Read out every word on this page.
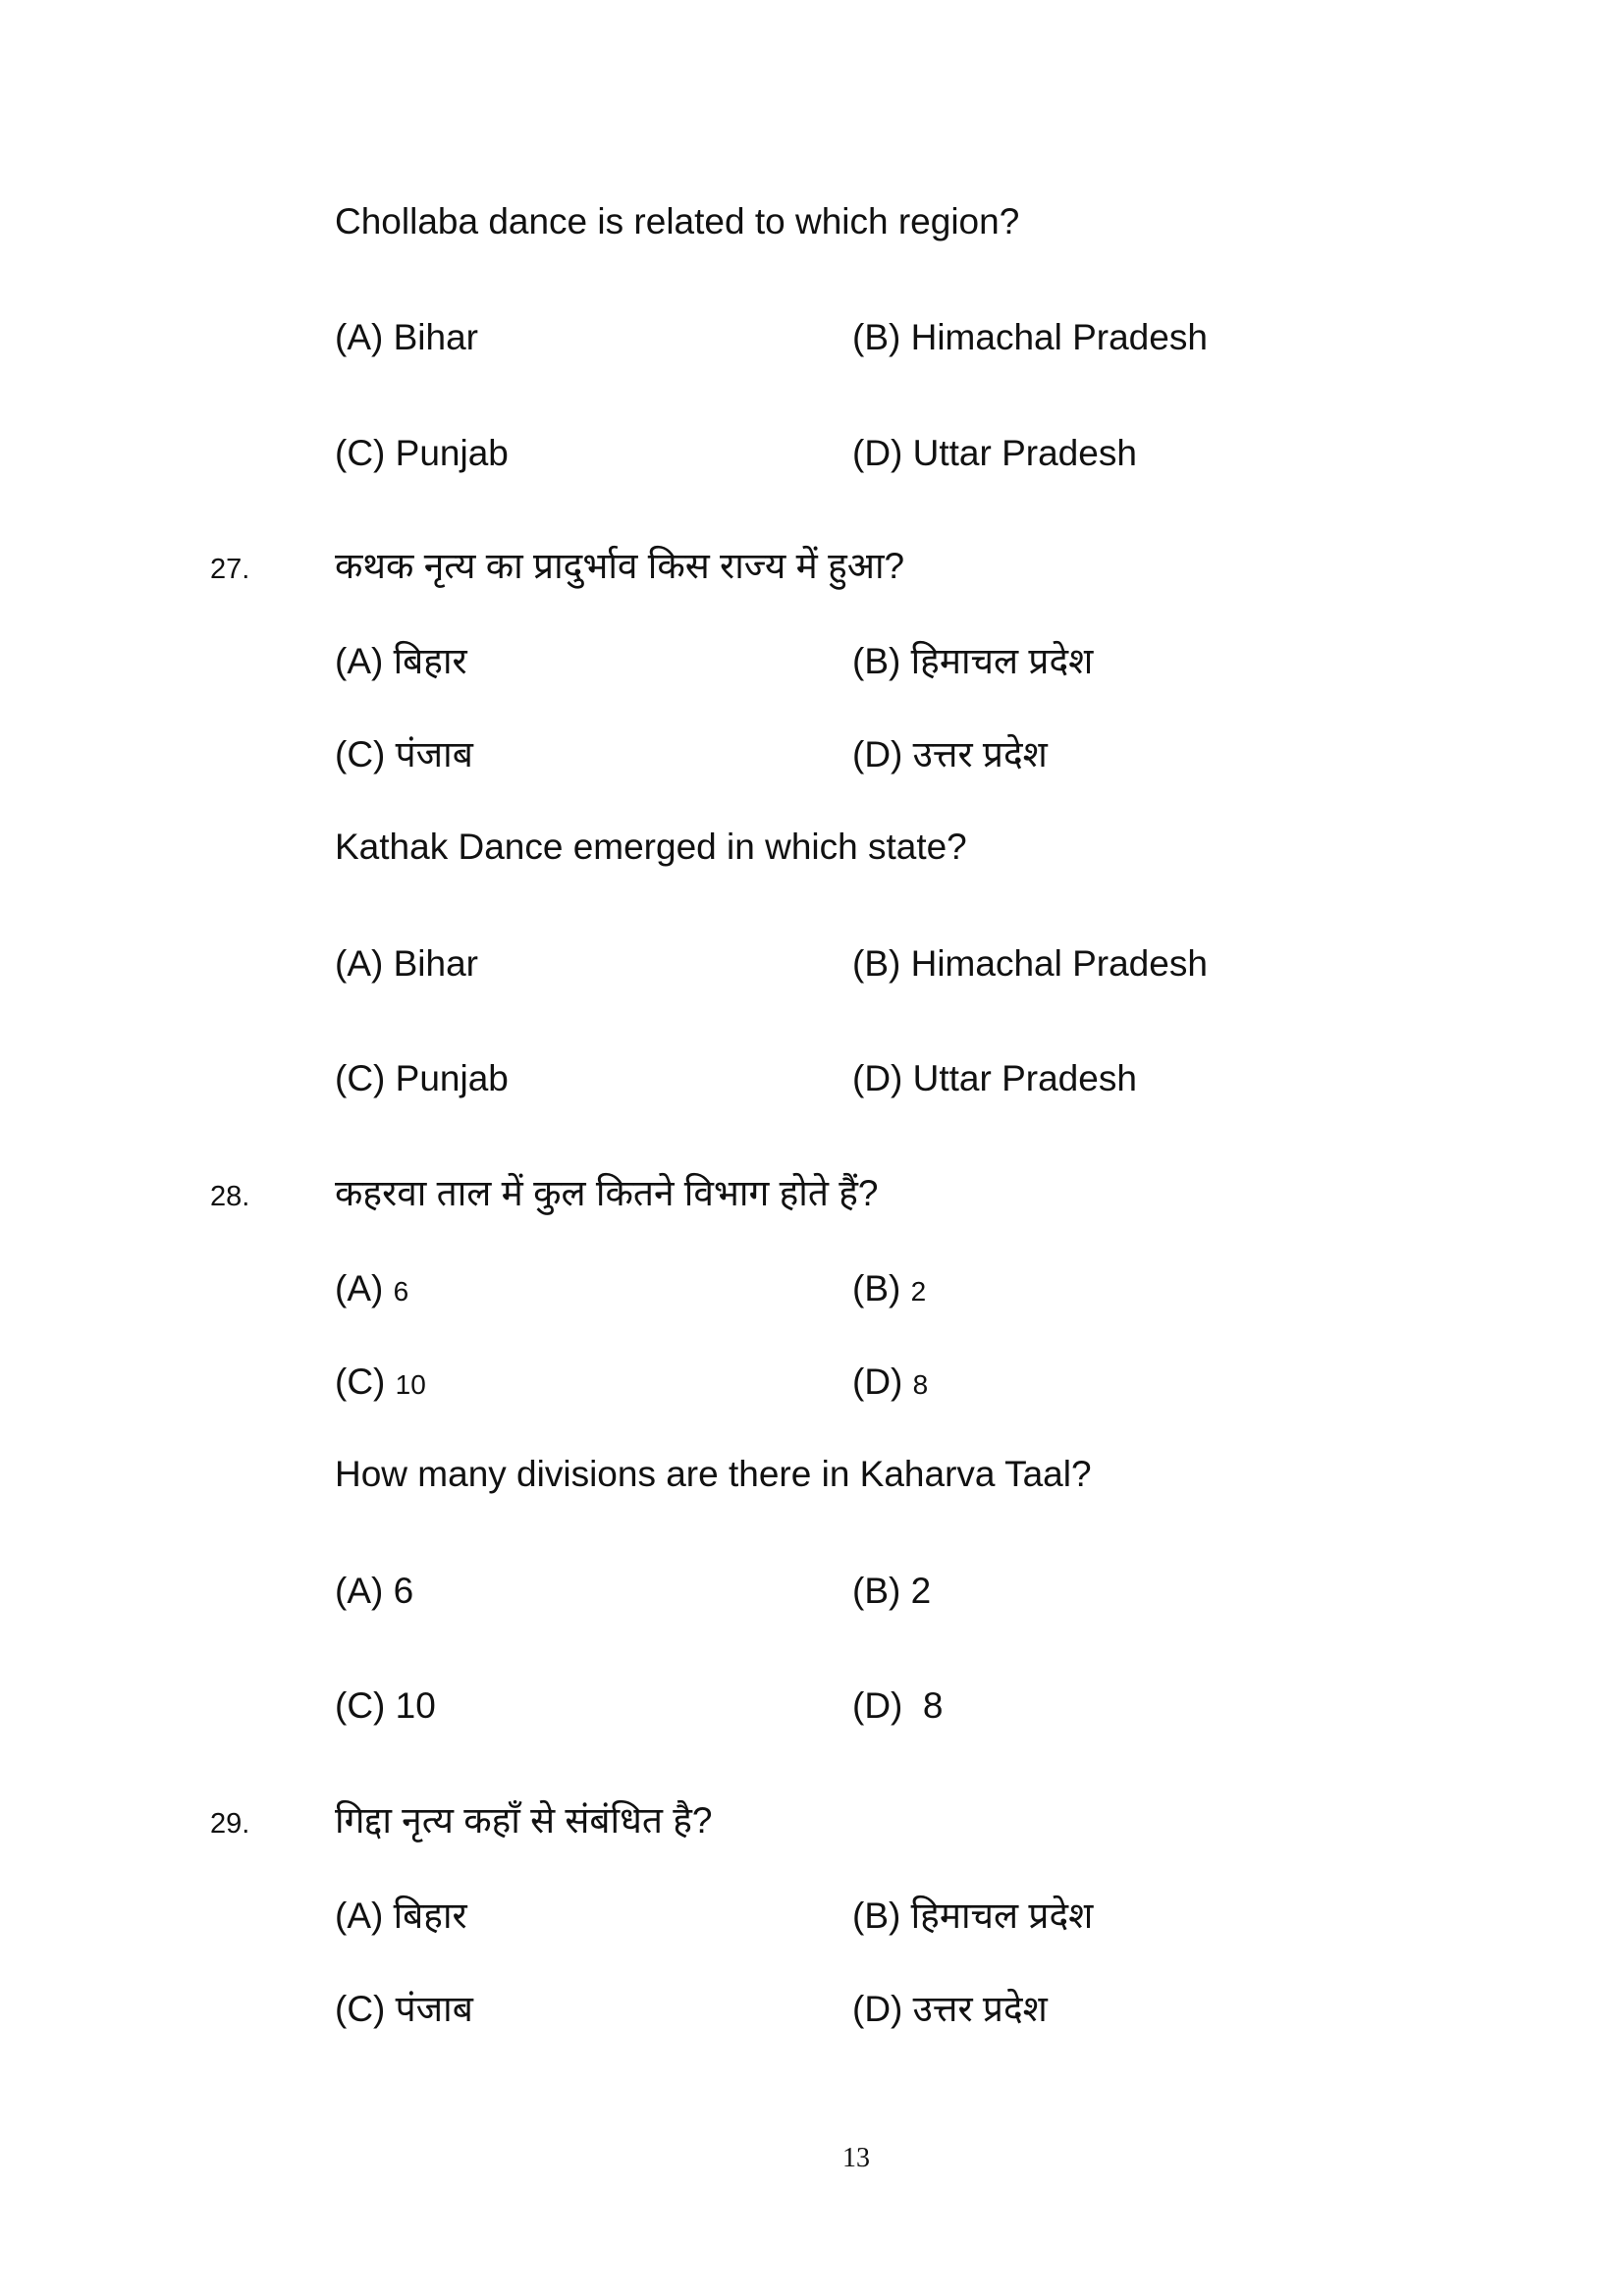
Chollaba dance is related to which region?
(A) Bihar	(B) Himachal Pradesh
(C) Punjab	(D) Uttar Pradesh
27. कथक नृत्य का प्रादुर्भाव किस राज्य में हुआ?
(A) बिहार	(B) हिमाचल प्रदेश
(C) पंजाब	(D) उत्तर प्रदेश
Kathak Dance emerged in which state?
(A) Bihar	(B) Himachal Pradesh
(C) Punjab	(D) Uttar Pradesh
28. कहरवा ताल में कुल कितने विभाग होते हैं?
(A) 6	(B) 2
(C) 10	(D) 8
How many divisions are there in Kaharva Taal?
(A) 6	(B) 2
(C) 10	(D)  8
29. गिद्दा नृत्य कहाँ से संबंधित है?
(A) बिहार	(B) हिमाचल प्रदेश
(C) पंजाब	(D) उत्तर प्रदेश
13
